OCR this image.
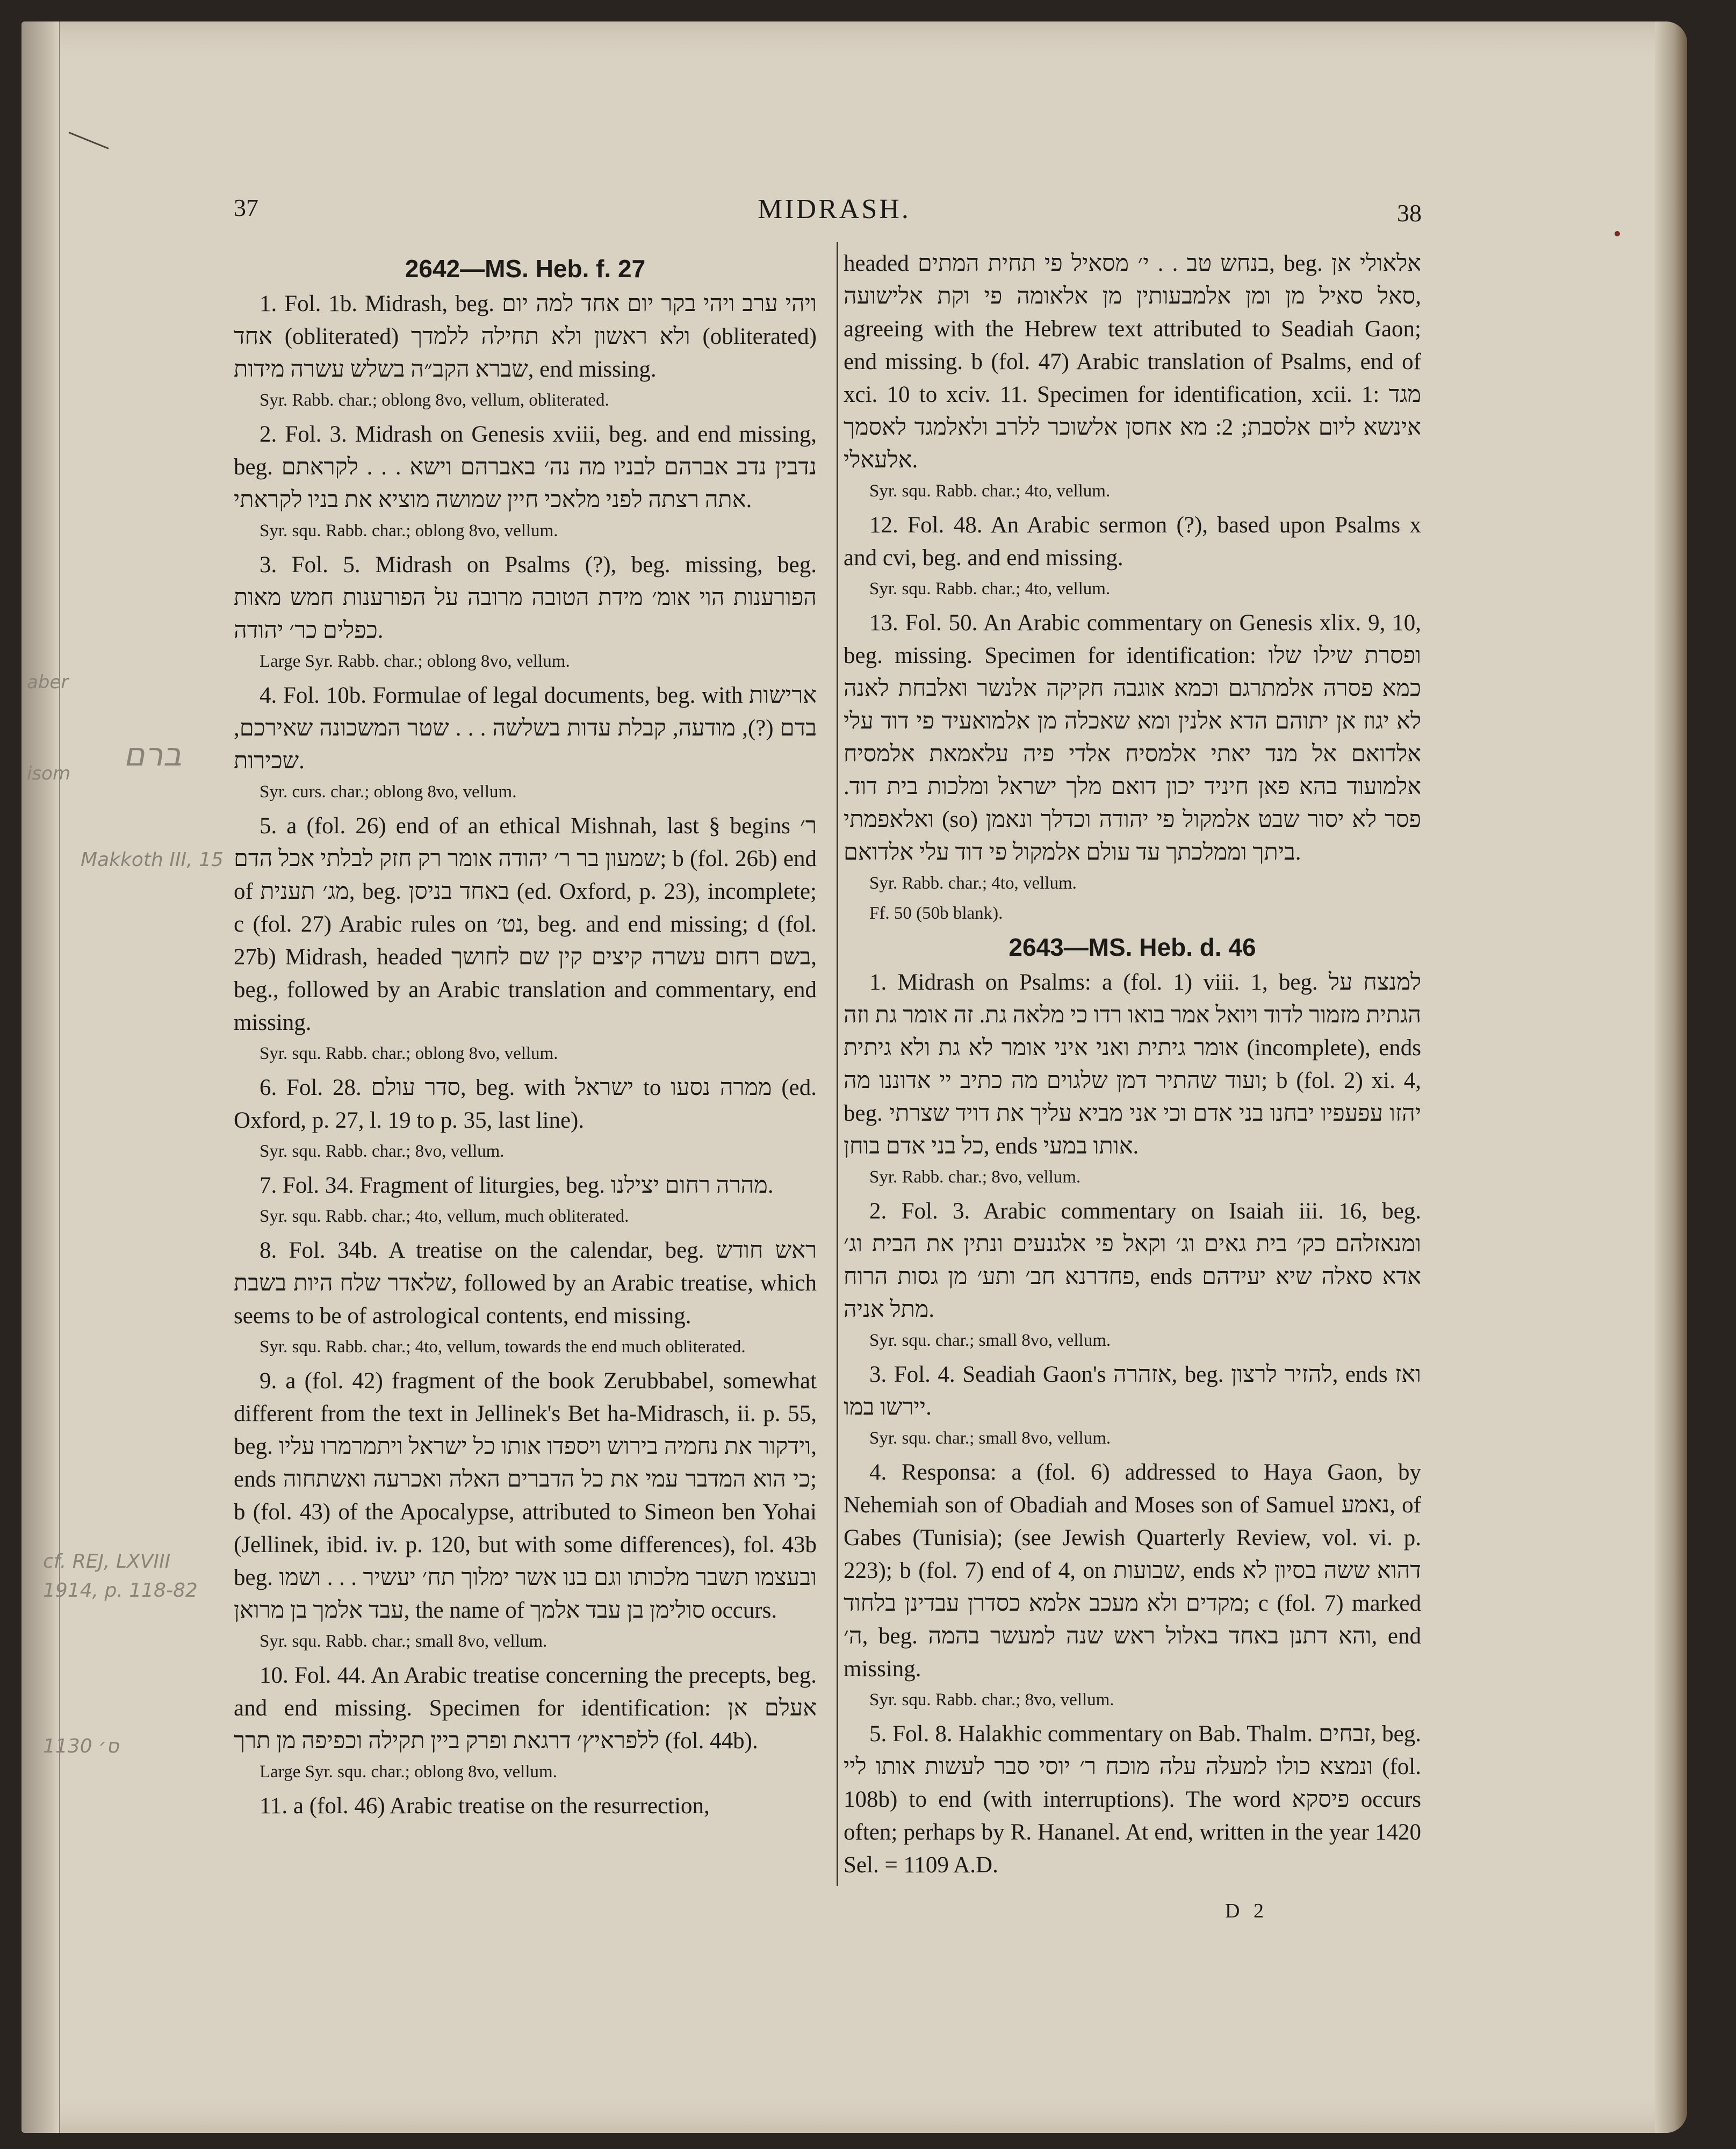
37	MIDRASH.	38
2642—MS. Heb. f. 27

1. Fol. 1b. Midrash, beg. ויהי ערב ויהי בקר יום אחד למה יום אחד (obliterated) ולא ראשון ולא תחילה ללמדך (obliterated) שברא הקב״ה בשלש עשרה מידות, end missing.

Syr. Rabb. char.; oblong 8vo, vellum, obliterated.

2. Fol. 3. Midrash on Genesis xviii, beg. and end missing, beg. נדבין נדב אברהם לבניו מה נה׳ באברהם וישא . . . לקראתם אתה רצתה לפני מלאכי חיין שמושה מוציא את בניו לקראתי.

Syr. squ. Rabb. char.; oblong 8vo, vellum.

3. Fol. 5. Midrash on Psalms (?), beg. missing, beg. הפורענות הוי אומ׳ מידת הטובה מרובה על הפורענות חמש מאות כפלים כר׳ יהודה.

Large Syr. Rabb. char.; oblong 8vo, vellum.

4. Fol. 10b. Formulae of legal documents, beg. with ארישות בדם (?), מודעה, קבלת עדות בשלשה . . . שטר המשכונה שאירכם, שכירות.

Syr. curs. char.; oblong 8vo, vellum.

5. a (fol. 26) end of an ethical Mishnah, last § begins ר׳ שמעון בר ר׳ יהודה אומר רק חזק לבלתי אכל הדם; b (fol. 26b) end of מג׳ תענית, beg. באחד בניסן (ed. Oxford, p. 23), incomplete; c (fol. 27) Arabic rules on נט׳, beg. and end missing; d (fol. 27b) Midrash, headed בשם רחום עשרה קיצים קין שם לחושך, beg., followed by an Arabic translation and commentary, end missing.

Syr. squ. Rabb. char.; oblong 8vo, vellum.

6. Fol. 28. סדר עולם, beg. with ישראל to ממרה נסעו (ed. Oxford, p. 27, l. 19 to p. 35, last line).

Syr. squ. Rabb. char.; 8vo, vellum.

7. Fol. 34. Fragment of liturgies, beg. מהרה רחום יצילנו.

Syr. squ. Rabb. char.; 4to, vellum, much obliterated.

8. Fol. 34b. A treatise on the calendar, beg. ראש חודש שלאדר שלח היות בשבת, followed by an Arabic treatise, which seems to be of astrological contents, end missing.

Syr. squ. Rabb. char.; 4to, vellum, towards the end much obliterated.

9. a (fol. 42) fragment of the book Zerubbabel, somewhat different from the text in Jellinek's Bet ha-Midrasch, ii. p. 55, beg. וידקור את נחמיה בירוש ויספדו אותו כל ישראל ויתמרמרו עליו, ends כי הוא המדבר עמי את כל הדברים האלה ואכרעה ואשתחוה; b (fol. 43) of the Apocalypse, attributed to Simeon ben Yohai (Jellinek, ibid. iv. p. 120, but with some differences), fol. 43b beg. ובעצמו תשבר מלכותו וגם בנו אשר ימלוך תח׳ יעשיר . . . ושמו עבד אלמך בן מרואן, the name of סולימן בן עבד אלמך occurs.

Syr. squ. Rabb. char.; small 8vo, vellum.

10. Fol. 44. An Arabic treatise concerning the precepts, beg. and end missing. Specimen for identification: אעלם אן ללפראיץ׳ דרגאת ופרק ביין תקילה וכפיפה מן תרך (fol. 44b).

Large Syr. squ. char.; oblong 8vo, vellum.

11. a (fol. 46) Arabic treatise on the resurrection,

headed בנחש טב . . י׳ מסאיל פי תחית המתים, beg. אלאולי אן סאל סאיל מן ומן אלמבעותין מן אלאומה פי וקת אלישועה, agreeing with the Hebrew text attributed to Seadiah Gaon; end missing. b (fol. 47) Arabic translation of Psalms, end of xci. 10 to xciv. 11. Specimen for identification, xcii. 1: מגד אינשא ליום אלסבת; 2: מא אחסן אלשוכר ללרב ולאלמגד לאסמך אלעאלי.

Syr. squ. Rabb. char.; 4to, vellum.

12. Fol. 48. An Arabic sermon (?), based upon Psalms x and cvi, beg. and end missing.

Syr. squ. Rabb. char.; 4to, vellum.

13. Fol. 50. An Arabic commentary on Genesis xlix. 9, 10, beg. missing. Specimen for identification: ופסרת שילו שלו כמא פסרה אלמתרגם וכמא אוגבה חקיקה אלנשר ואלבחת לאנה לא יגוז אן יתוהם הדא אלנין ומא שאכלה מן אלמואעיד פי דוד עלי אלדואם אל מנד יאתי אלמסיח אלדי פיה עלאמאת אלמסיח אלמועוד בהא פאן חיניד יכון דואם מלך ישראל ומלכות בית דוד. ואלאפמתי (so) פסר לא יסור שבט אלמקול פי יהודה וכדלך ונאמן ביתך וממלכתך עד עולם אלמקול פי דוד עלי אלדואם.

Syr. Rabb. char.; 4to, vellum.

Ff. 50 (50b blank).

2643—MS. Heb. d. 46

1. Midrash on Psalms: a (fol. 1) viii. 1, beg. למנצח על הגתית מזמור לדוד ויואל אמר בואו רדו כי מלאה גת. זה אומר גת וזה אומר גיתית ואני איני אומר לא גת ולא גיתית (incomplete), ends ועוד שהתיר דמן שלגוים מה כתיב יי אדוננו מה; b (fol. 2) xi. 4, beg. יהזו עפעפיו יבחנו בני אדם וכי אני מביא עליך את דויד שצרתי כל בני אדם בוחן, ends אותו במעי.

Syr. Rabb. char.; 8vo, vellum.

2. Fol. 3. Arabic commentary on Isaiah iii. 16, beg. ומנאזלהם כק׳ בית גאים וג׳ וקאל פי אלגנעים ונתין את הבית וג׳ פחדרנא חב׳ ותע׳ מן גסות הרוח, ends אדא סאלה שיא יעידהם מתל אניה.

Syr. squ. char.; small 8vo, vellum.

3. Fol. 4. Seadiah Gaon's אזהרה, beg. להזיר לרצון, ends ואז יירשו במו.

Syr. squ. char.; small 8vo, vellum.

4. Responsa: a (fol. 6) addressed to Haya Gaon, by Nehemiah son of Obadiah and Moses son of Samuel נאמע, of Gabes (Tunisia); (see Jewish Quarterly Review, vol. vi. p. 223); b (fol. 7) end of 4, on שבועות, ends דהוא ששה בסיון לא מקדים ולא מעכב אלמא כסדרן עבדינן בלחוד; c (fol. 7) marked ה׳, beg. והא דתנן באחד באלול ראש שנה למעשר בהמה, end missing.

Syr. squ. Rabb. char.; 8vo, vellum.

5. Fol. 8. Halakhic commentary on Bab. Thalm. זבחים, beg. ונמצא כולו למעלה עלה מוכח ר׳ יוסי סבר לעשות אותו ליי (fol. 108b) to end (with interruptions). The word פיסקא occurs often; perhaps by R. Hananel. At end, written in the year 1420 Sel. = 1109 A.D.

D 2
aber
isom
Makkoth III, 15
ברם
cf. REJ, LXVIII 1914, p. 118-82
1130 ס׳
